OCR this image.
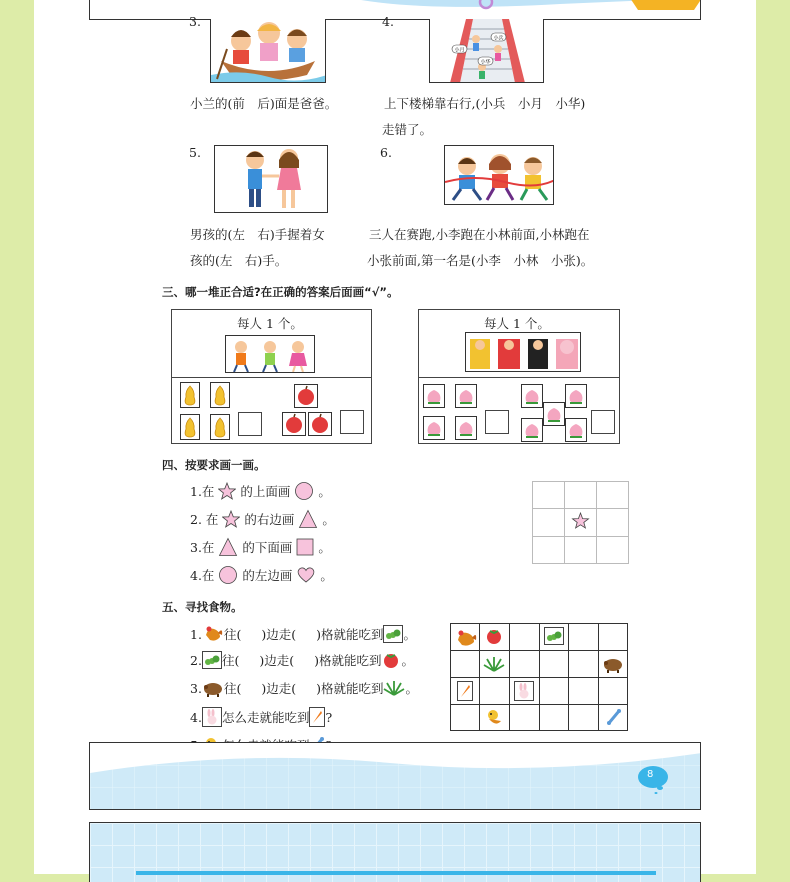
3.	4.
小月
小兵
小华
小兰的(前　后)面是爸爸。	上下楼梯靠右行,(小兵　小月　小华)
走错了。
5.	6.
男孩的(左　右)手握着女
孩的(左　右)手。
三人在赛跑,小李跑在小林前面,小林跑在
小张前面,第一名是(小李　小林　小张)。
三、哪一堆正合适?在正确的答案后面画“√”。
每人 1 个。	每人 1 个。
四、按要求画一画。
1.在 的上面画 。
2. 在 的右边画 。
3.在 的下面画 。
4.在 的左边画 。
五、寻找食物。
1. 往( )边走( )格就能吃到 。
2. 往( )边走( )格就能吃到 。
3. 往( )边走( )格就能吃到 。
4. 怎么走就能吃到 ?
8
